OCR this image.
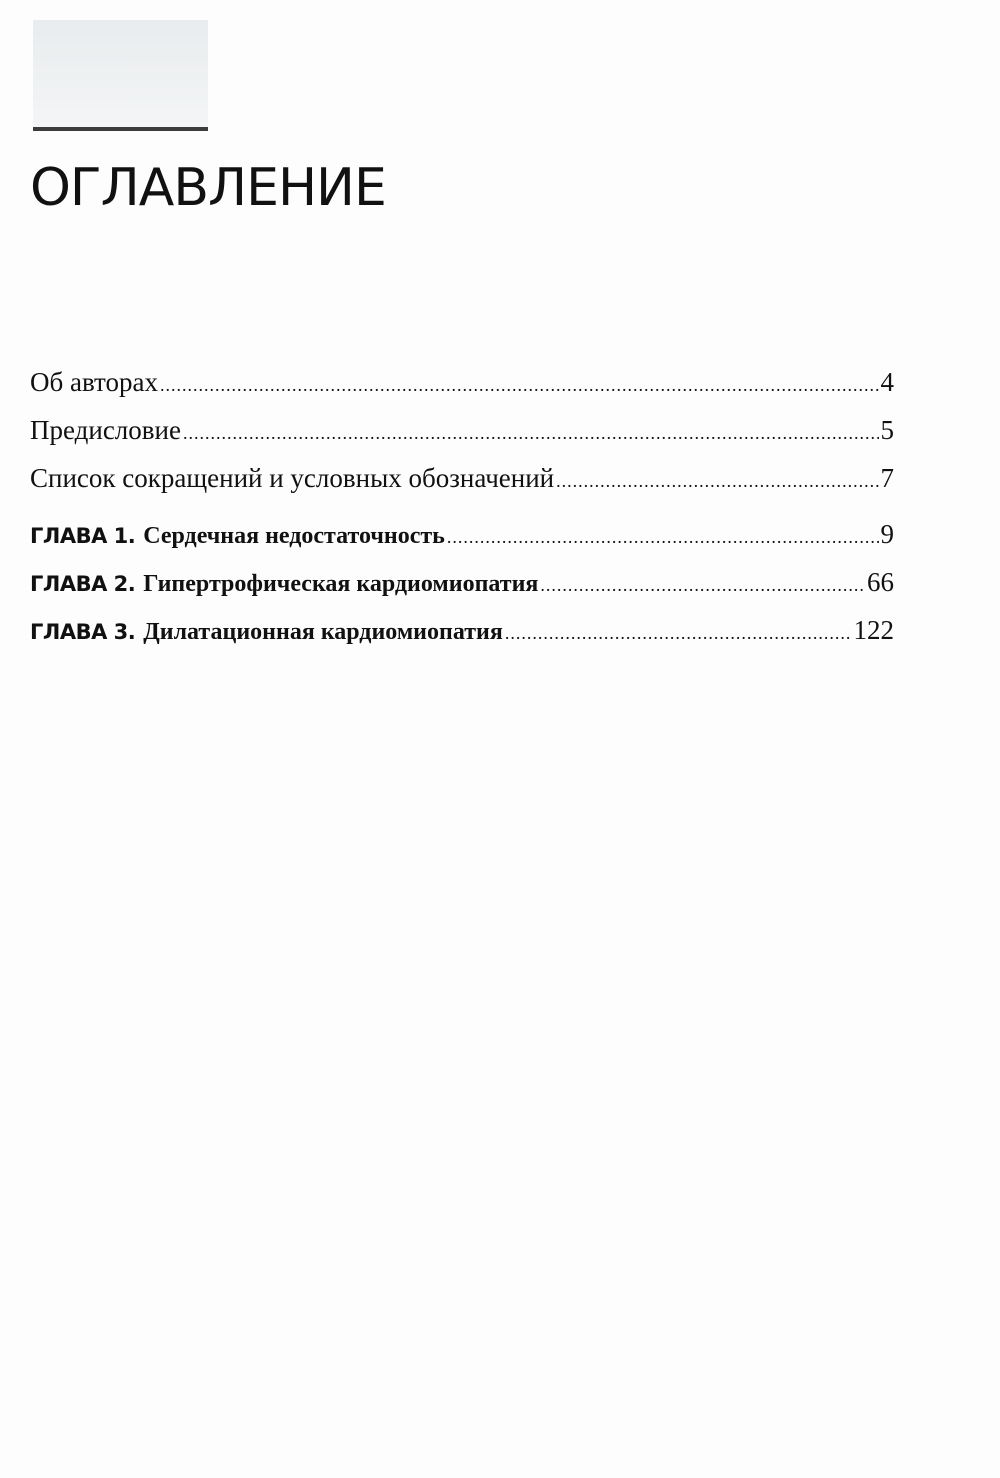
ОГЛАВЛЕНИЕ
Об авторах .....	4
Предисловие .....	5
Список сокращений и условных обозначений .....	7
ГЛАВА 1. Сердечная недостаточность .....	9
ГЛАВА 2. Гипертрофическая кардиомиопатия .....	66
ГЛАВА 3. Дилатационная кардиомиопатия .....	122
